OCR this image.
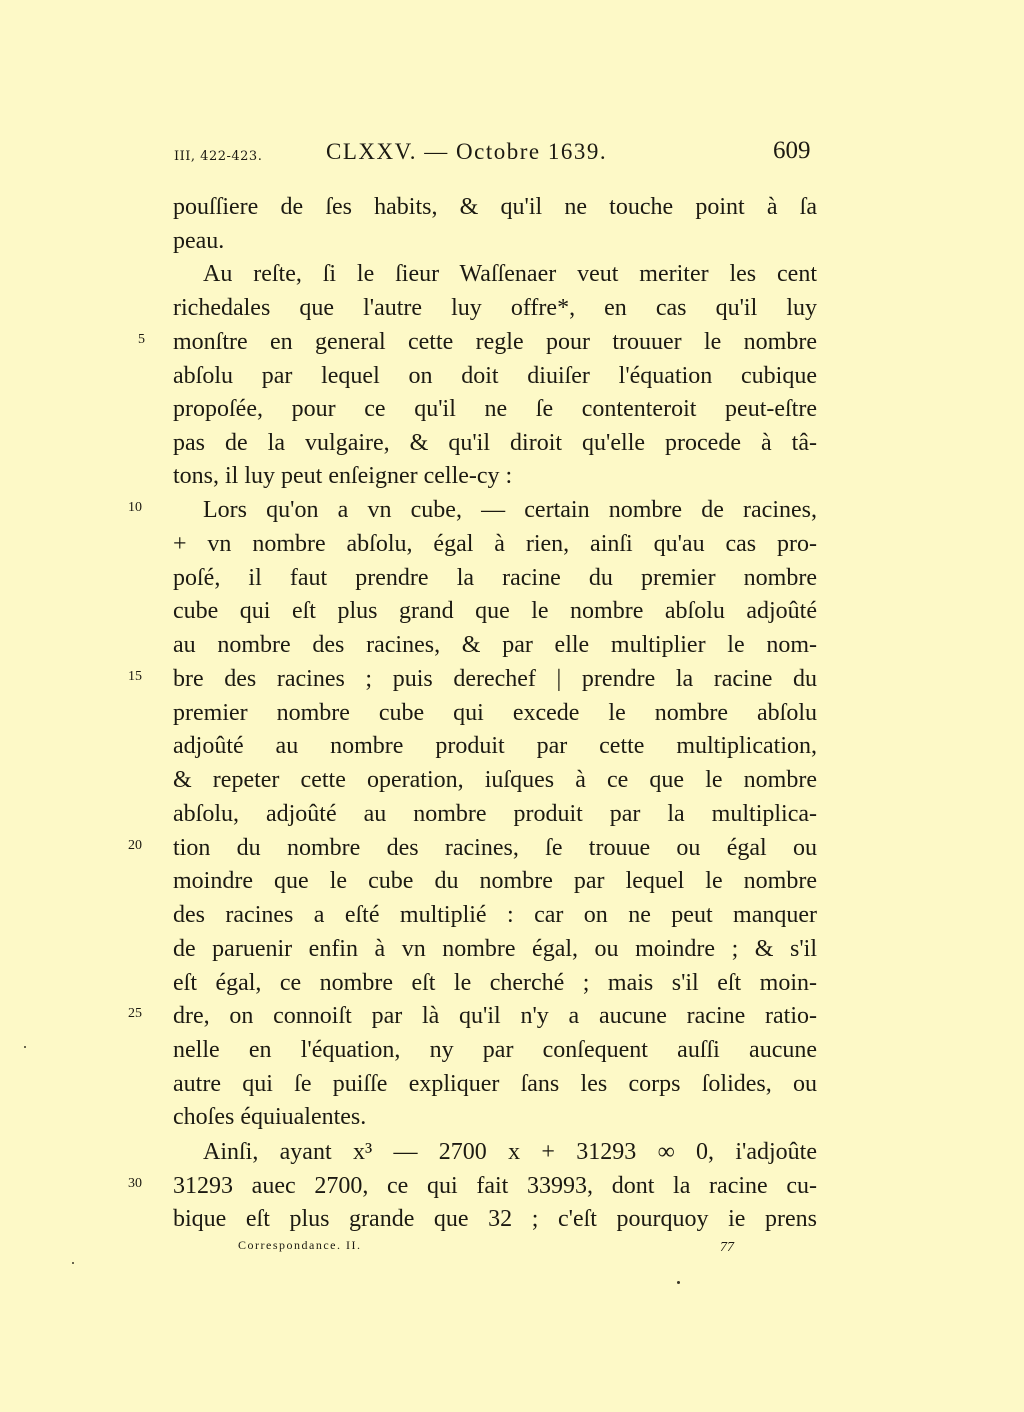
III, 422-423.	CLXXV. — Octobre 1639.	609
pouſſiere de ſes habits, & qu'il ne touche point à ſa
peau.
Au reſte, ſi le ſieur Waſſenaer veut meriter les cent
richedales que l'autre luy offre*, en cas qu'il luy
monſtre en general cette regle pour trouuer le nombre
abſolu par lequel on doit diuiſer l'équation cubique
propoſée, pour ce qu'il ne ſe contenteroit peut-eſtre
pas de la vulgaire, & qu'il diroit qu'elle procede à tâ-
tons, il luy peut enſeigner celle-cy :
Lors qu'on a vn cube, — certain nombre de racines,
+ vn nombre abſolu, égal à rien, ainſi qu'au cas pro-
poſé, il faut prendre la racine du premier nombre
cube qui eſt plus grand que le nombre abſolu adjoûté
au nombre des racines, & par elle multiplier le nom-
bre des racines ; puis derechef | prendre la racine du
premier nombre cube qui excede le nombre abſolu
adjoûté au nombre produit par cette multiplication,
& repeter cette operation, iuſques à ce que le nombre
abſolu, adjoûté au nombre produit par la multiplica-
tion du nombre des racines, ſe trouue ou égal ou
moindre que le cube du nombre par lequel le nombre
des racines a eſté multiplié : car on ne peut manquer
de paruenir enfin à vn nombre égal, ou moindre ; & s'il
eſt égal, ce nombre eſt le cherché ; mais s'il eſt moin-
dre, on connoiſt par là qu'il n'y a aucune racine ratio-
nelle en l'équation, ny par conſequent auſſi aucune
autre qui ſe puiſſe expliquer ſans les corps ſolides, ou
choſes équiualentes.
Ainſi, ayant x³ — 2700 x + 31293 ∞ 0, i'adjoûte
31293 auec 2700, ce qui fait 33993, dont la racine cu-
bique eſt plus grande que 32 ; c'eſt pourquoy ie prens
5
10
15
20
25
30
Correspondance. II.	77
